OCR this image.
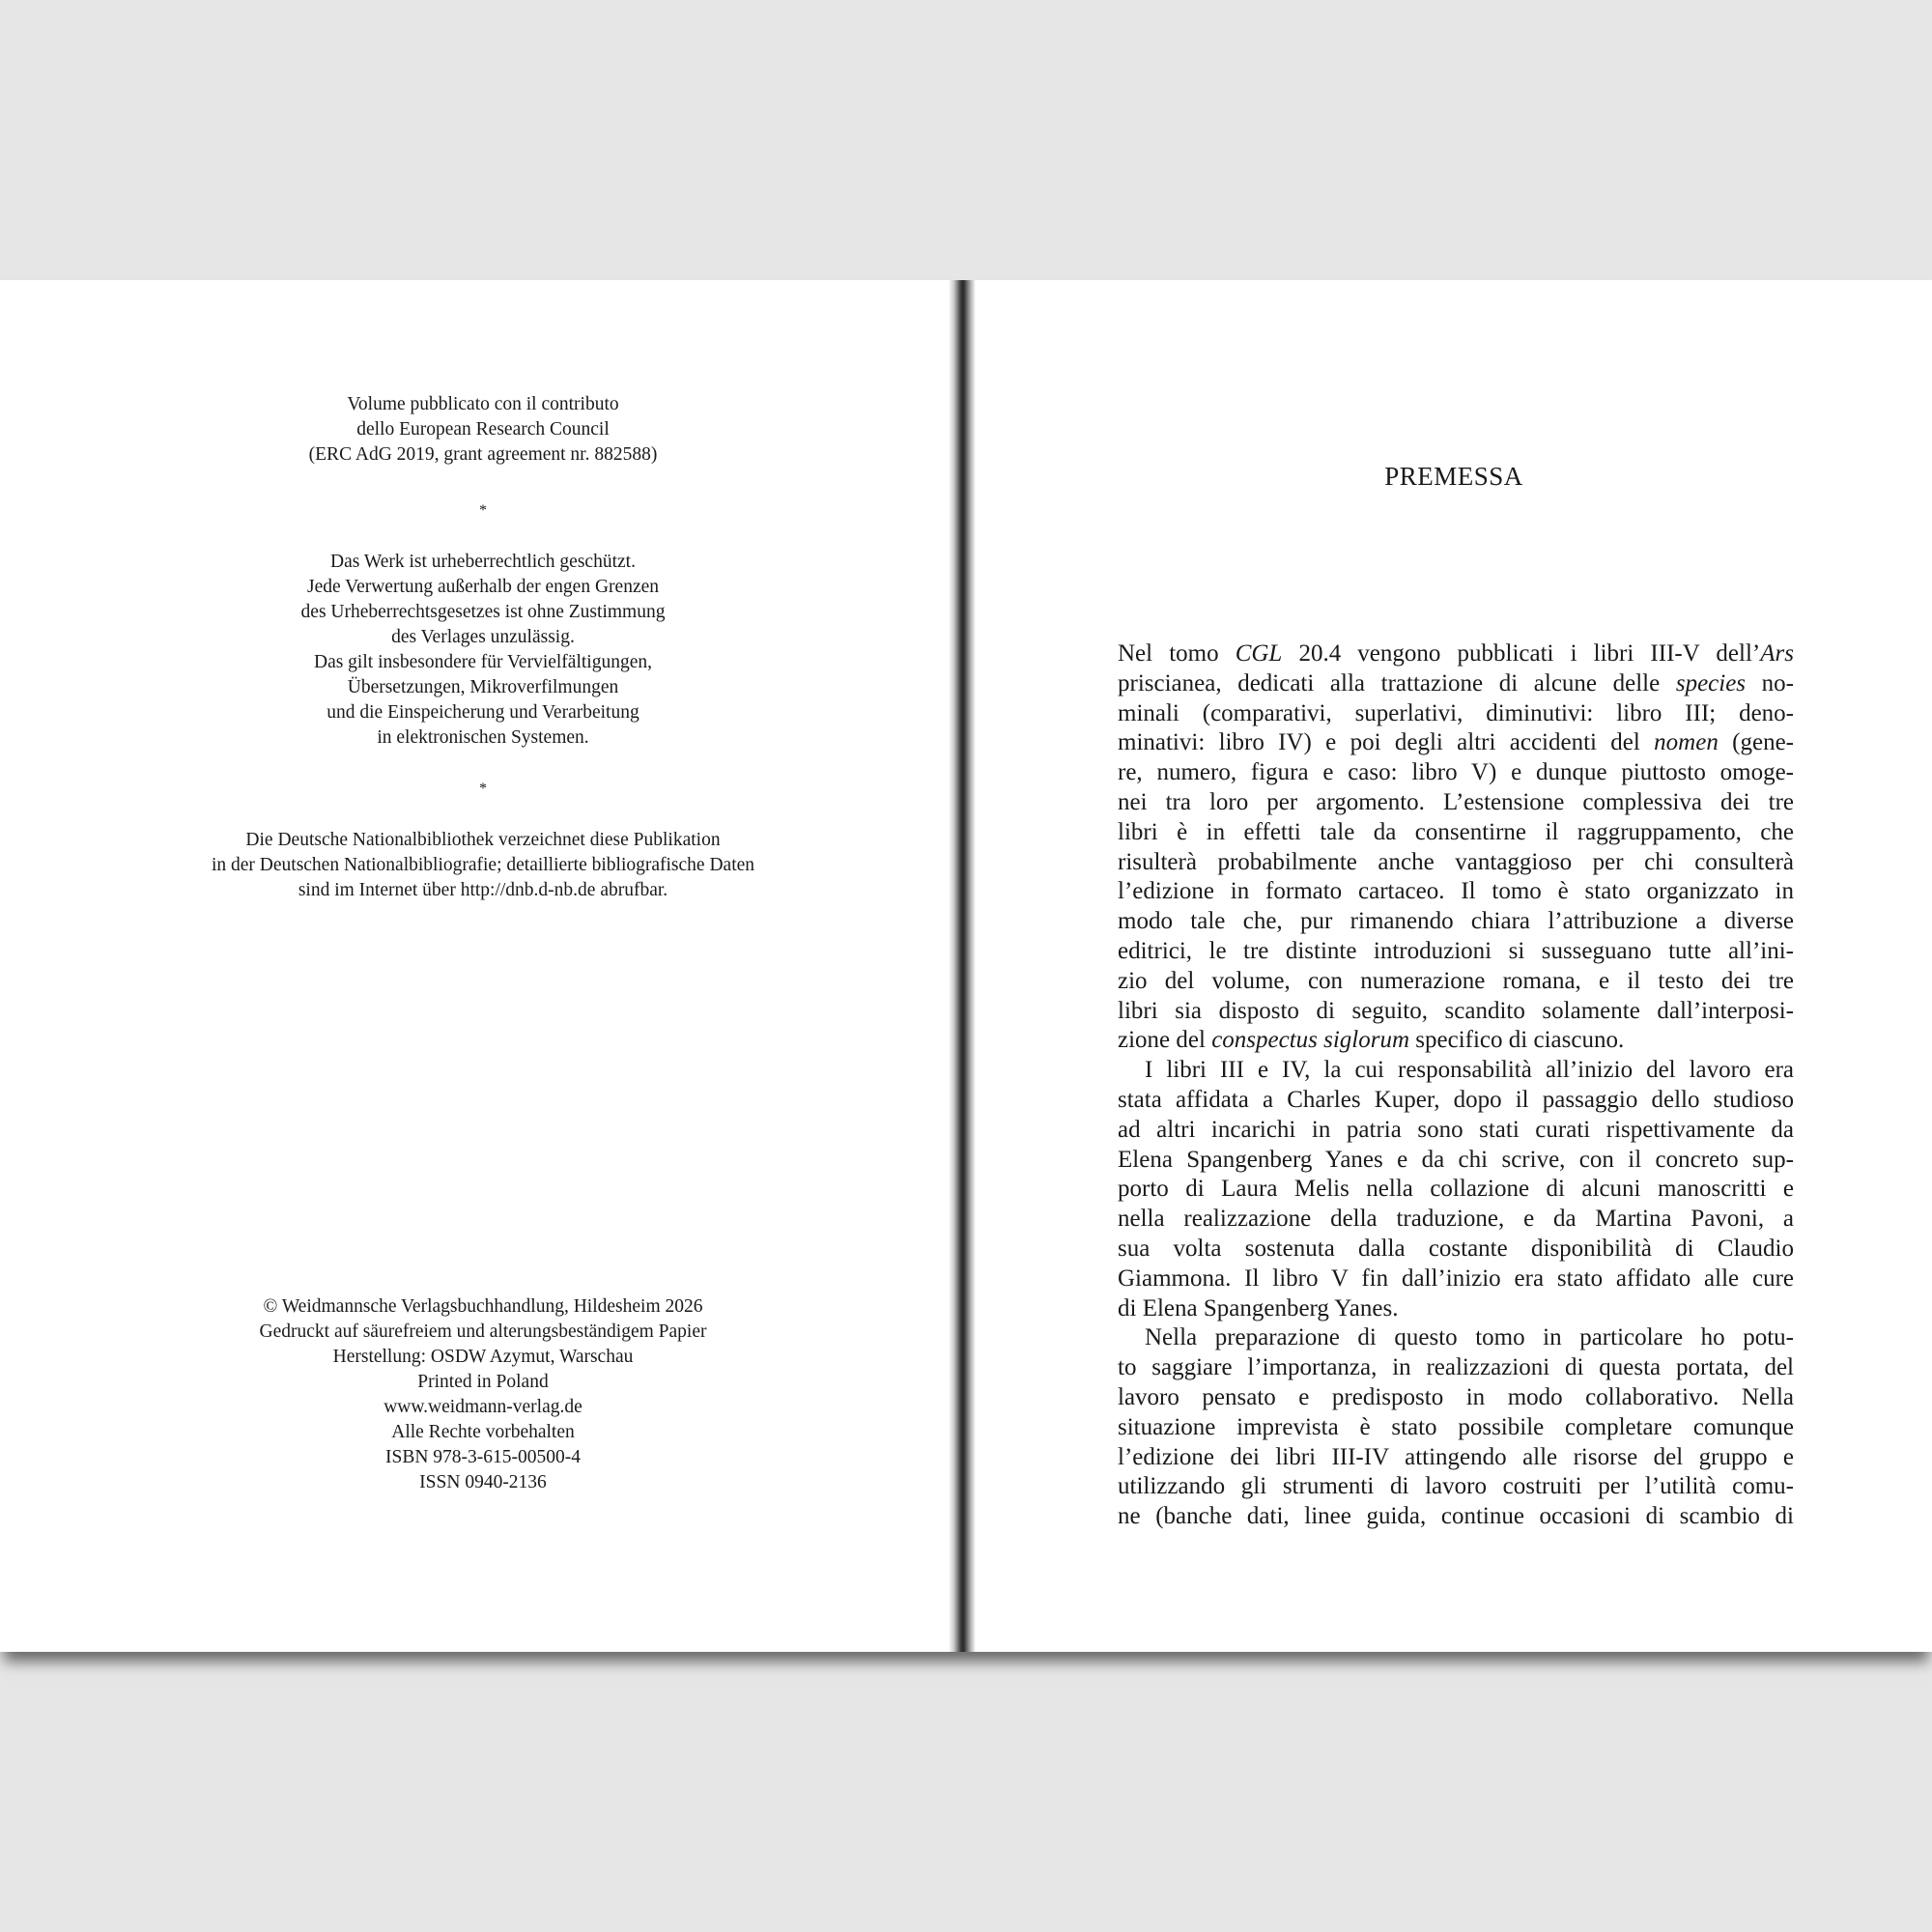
Volume pubblicato con il contributo
dello European Research Council
(ERC AdG 2019, grant agreement nr. 882588)
*
Das Werk ist urheberrechtlich geschützt.
Jede Verwertung außerhalb der engen Grenzen
des Urheberrechtsgesetzes ist ohne Zustimmung
des Verlages unzulässig.
Das gilt insbesondere für Vervielfältigungen,
Übersetzungen, Mikroverfilmungen
und die Einspeicherung und Verarbeitung
in elektronischen Systemen.
*
Die Deutsche Nationalbibliothek verzeichnet diese Publikation
in der Deutschen Nationalbibliografie; detaillierte bibliografische Daten
sind im Internet über http://dnb.d-nb.de abrufbar.
© Weidmannsche Verlagsbuchhandlung, Hildesheim 2026
Gedruckt auf säurefreiem und alterungsbeständigem Papier
Herstellung: OSDW Azymut, Warschau
Printed in Poland
www.weidmann-verlag.de
Alle Rechte vorbehalten
ISBN 978-3-615-00500-4
ISSN 0940-2136
PREMESSA
Nel tomo CGL 20.4 vengono pubblicati i libri III-V dell’Ars
priscianea, dedicati alla trattazione di alcune delle species no-
minali (comparativi, superlativi, diminutivi: libro III; deno-
minativi: libro IV) e poi degli altri accidenti del nomen (gene-
re, numero, figura e caso: libro V) e dunque piuttosto omoge-
nei tra loro per argomento. L’estensione complessiva dei tre
libri è in effetti tale da consentirne il raggruppamento, che
risulterà probabilmente anche vantaggioso per chi consulterà
l’edizione in formato cartaceo. Il tomo è stato organizzato in
modo tale che, pur rimanendo chiara l’attribuzione a diverse
editrici, le tre distinte introduzioni si susseguano tutte all’ini-
zio del volume, con numerazione romana, e il testo dei tre
libri sia disposto di seguito, scandito solamente dall’interposi-
zione del conspectus siglorum specifico di ciascuno.
I libri III e IV, la cui responsabilità all’inizio del lavoro era
stata affidata a Charles Kuper, dopo il passaggio dello studioso
ad altri incarichi in patria sono stati curati rispettivamente da
Elena Spangenberg Yanes e da chi scrive, con il concreto sup-
porto di Laura Melis nella collazione di alcuni manoscritti e
nella realizzazione della traduzione, e da Martina Pavoni, a
sua volta sostenuta dalla costante disponibilità di Claudio
Giammona. Il libro V fin dall’inizio era stato affidato alle cure
di Elena Spangenberg Yanes.
Nella preparazione di questo tomo in particolare ho potu-
to saggiare l’importanza, in realizzazioni di questa portata, del
lavoro pensato e predisposto in modo collaborativo. Nella
situazione imprevista è stato possibile completare comunque
l’edizione dei libri III-IV attingendo alle risorse del gruppo e
utilizzando gli strumenti di lavoro costruiti per l’utilità comu-
ne (banche dati, linee guida, continue occasioni di scambio di
